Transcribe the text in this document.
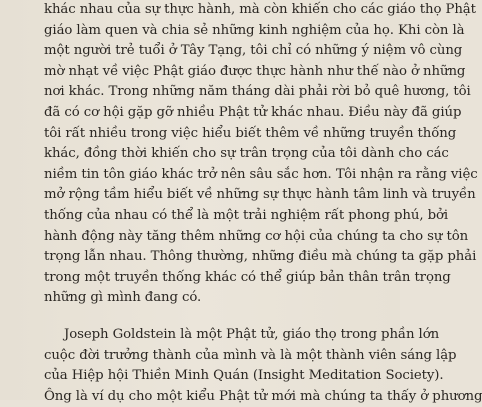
khác nhau của sự thực hành, mà còn khiến cho các giáo thọ Phật
giáo làm quen và chia sẻ những kinh nghiệm của họ. Khi còn là
một người trẻ tuổi ở Tây Tạng, tôi chỉ có những ý niệm vô cùng
mờ nhạt về việc Phật giáo được thực hành như thế nào ở những
nơi khác. Trong những năm tháng dài phải rời bỏ quê hương, tôi
đã có cơ hội gặp gỡ nhiều Phật tử khác nhau. Điều này đã giúp
tôi rất nhiều trong việc hiểu biết thêm về những truyền thống
khác, đồng thời khiến cho sự trân trọng của tôi dành cho các
niềm tin tôn giáo khác trở nên sâu sắc hơn. Tôi nhận ra rằng việc
mở rộng tầm hiểu biết về những sự thực hành tâm linh và truyền
thống của nhau có thể là một trải nghiệm rất phong phú, bởi
hành động này tăng thêm những cơ hội của chúng ta cho sự tôn
trọng lẫn nhau. Thông thường, những điều mà chúng ta gặp phải
trong một truyền thống khác có thể giúp bản thân trân trọng
những gì mình đang có.
Joseph Goldstein là một Phật tử, giáo thọ trong phần lớn
cuộc đời trưởng thành của mình và là một thành viên sáng lập
của Hiệp hội Thiền Minh Quán (Insight Meditation Society).
Ông là ví dụ cho một kiểu Phật tử mới mà chúng ta thấy ở phương
